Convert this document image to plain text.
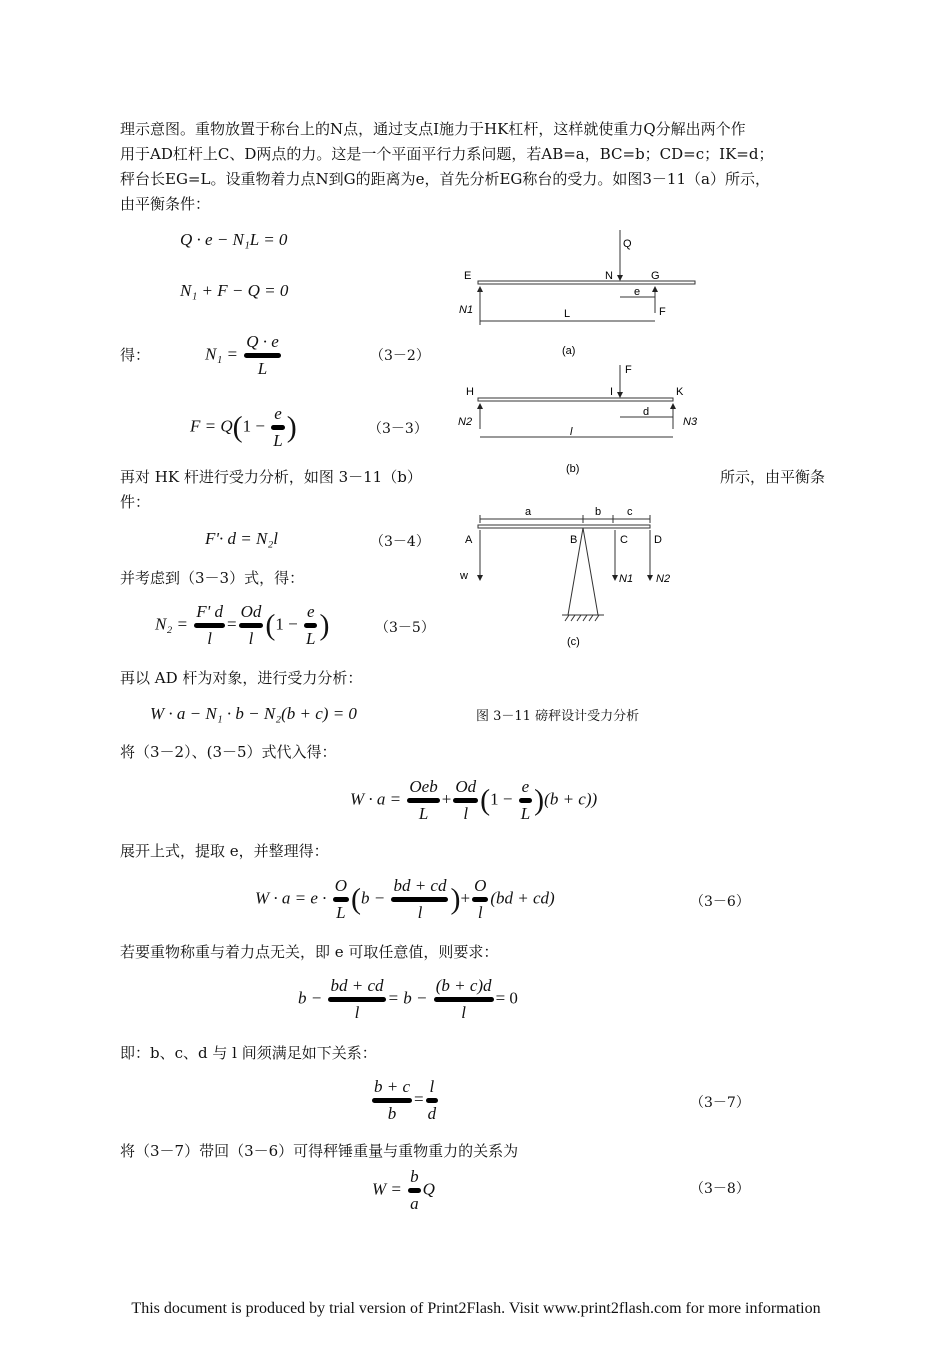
理示意图。重物放置于称台上的N点，通过支点I施力于HK杠杆，这样就使重力Q分解出两个作
用于AD杠杆上C、D两点的力。这是一个平面平行力系问题，若AB=a，BC=b；CD=c；IK=d；
秤台长EG=L。设重物着力点N到G的距离为e，首先分析EG称台的受力。如图3－11（a）所示，
由平衡条件：
Q · e − N₁L = 0
N₁ + F − Q = 0
得：	N₁ =
Q · e
L
（3－2）
F = Q(1 −
e
L )	（3－3）
再对 HK 杆进行受力分析，如图 3－11（b）	所示，由平衡条
件：
F'· d = N₂l	（3－4）
并考虑到（3－3）式，得：
N₂ =
F' d
l
=
Od
l (1 −
e
L )	（3－5）
再以 AD 杆为对象，进行受力分析：
W · a − N₁ · b − N₂(b + c) = 0	图 3－11 磅秤设计受力分析
将（3－2）、(3－5）式代入得：
W · a =
Oeb
L
+
Od
l (1 −
e
L )(b + c))
展开上式，提取 e，并整理得：
W · a = e ·
O
L (b −
bd + cd
l )+
O
l
(bd + cd)	（3－6）
若要重物称重与着力点无关，即 e 可取任意值，则要求：
b −
bd + cd
l
= b −
(b + c)d
l
= 0
即：b、c、d 与 l 间须满足如下关系：
b + c
b
=
l
d
（3－7）
将（3－7）带回（3－6）可得秤锤重量与重物重力的关系为
W =
b
a
Q	（3－8）
Q
E	N	G
N1
e
L	F
(a)
F
H	I	K
N2
d
l
N3
(b)
a	b c
A	B	C D
w	N1 N2
(c)
This document is produced by trial version of Print2Flash. Visit www.print2flash.com for more information
